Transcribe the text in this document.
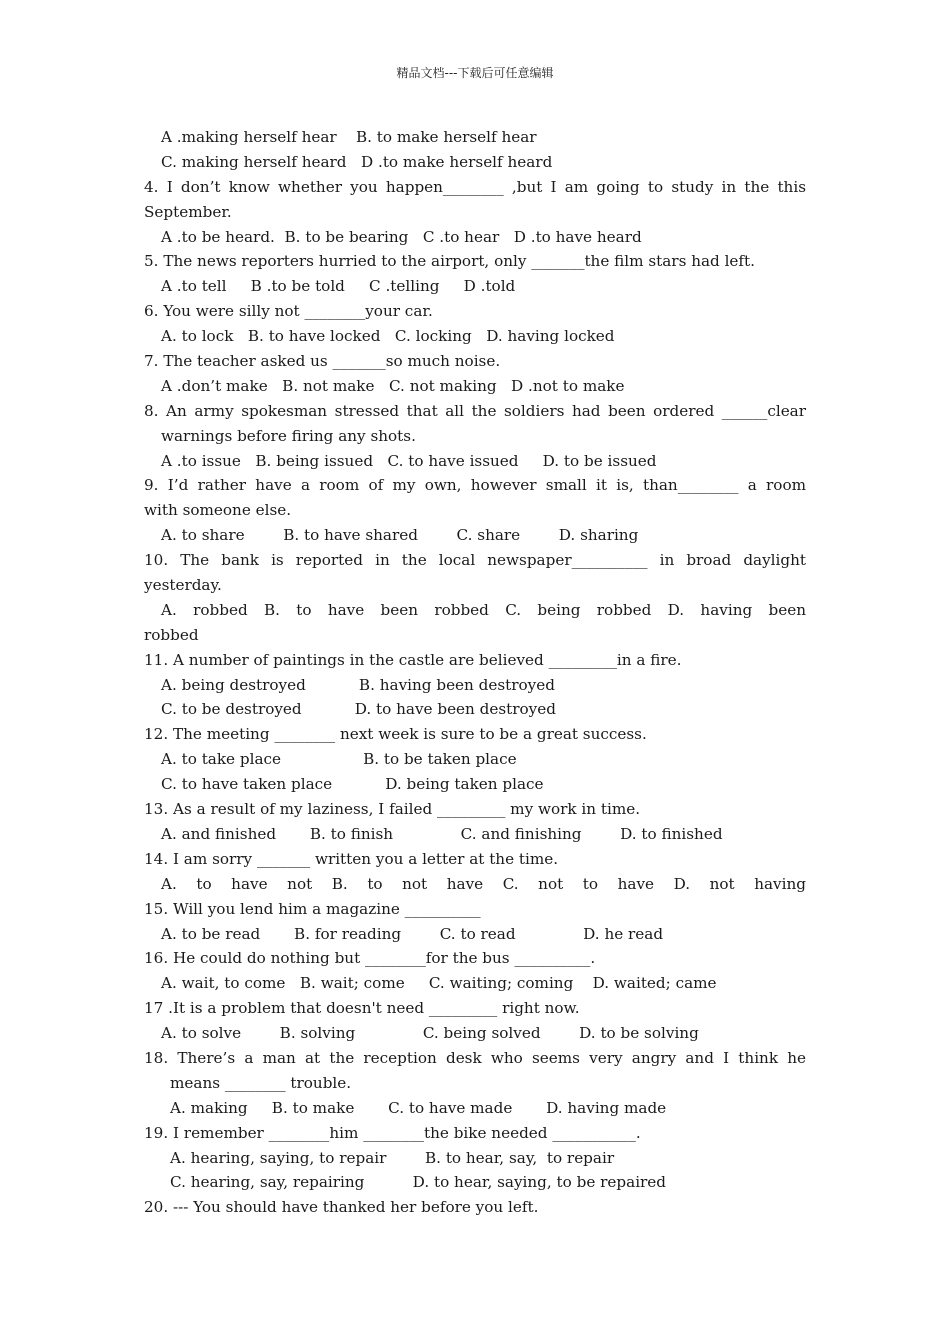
精品文档---下载后可任意编辑
A .making herself hear    B. to make herself hear
C. making herself heard   D .to make herself heard
4. I don’t know whether you happen________ ,but I am going to study in the this
September.
A .to be heard.  B. to be bearing   C .to hear   D .to have heard
5. The news reporters hurried to the airport, only _______the film stars had left.
A .to tell     B .to be told     C .telling     D .told
6. You were silly not ________your car.
A. to lock   B. to have locked   C. locking   D. having locked
7. The teacher asked us _______so much noise.
A .don’t make   B. not make   C. not making   D .not to make
8. An army spokesman stressed that all the soldiers had been ordered ______clear
warnings before firing any shots.
A .to issue   B. being issued   C. to have issued     D. to be issued
9. I’d rather have a room of my own, however small it is, than________ a room
with someone else.
A. to share        B. to have shared        C. share        D. sharing
10. The bank is reported in the local newspaper__________ in broad daylight
yesterday.
A. robbed B. to have been robbed C. being robbed D. having been
robbed
11. A number of paintings in the castle are believed _________in a fire.
A. being destroyed           B. having been destroyed
C. to be destroyed           D. to have been destroyed
12. The meeting ________ next week is sure to be a great success.
A. to take place                 B. to be taken place
C. to have taken place           D. being taken place
13. As a result of my laziness, I failed _________ my work in time.
A. and finished       B. to finish              C. and finishing        D. to finished
14. I am sorry _______ written you a letter at the time.
A. to have not B. to not have C. not to have D. not having
15. Will you lend him a magazine __________
A. to be read       B. for reading        C. to read              D. he read
16. He could do nothing but ________for the bus __________.
A. wait, to come   B. wait; come     C. waiting; coming    D. waited; came
17 .It is a problem that doesn't need _________ right now.
A. to solve        B. solving              C. being solved        D. to be solving
18. There’s a man at the reception desk who seems very angry and I think he
means ________ trouble.
A. making     B. to make       C. to have made       D. having made
19. I remember ________him ________the bike needed ___________.
A. hearing, saying, to repair        B. to hear, say,  to repair
C. hearing, say, repairing          D. to hear, saying, to be repaired
20. --- You should have thanked her before you left.
